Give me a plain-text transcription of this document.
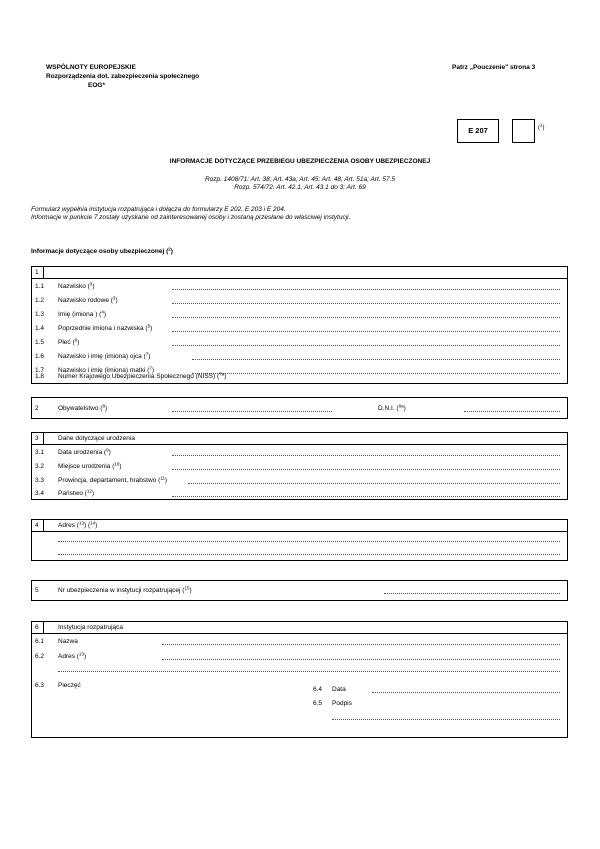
WSPÓLNOTY EUROPEJSKIE
Rozporządzenia dot. zabezpieczenia społecznego
EOG*
Patrz „Pouczenie" strona 3
E 207	($^1$)
INFORMACJE DOTYCZĄCE PRZEBIEGU UBEZPIECZENIA OSOBY UBEZPIECZONEJ
Rozp. 1408/71: Art. 38; Art. 43a; Art. 45; Art. 48; Art. 51a; Art. 57.5
Rozp. 574/72: Art. 42.1; Art. 43.1 do 3; Art. 69
Formularz wypełnia instytucja rozpatrująca i dołącza do formularzy E 202, E 203 i E 204.
Informacje w punkcie 7 zostały uzyskane od zainteresowanej osoby i zostaną przesłane do właściwej instytucji.
Informacje dotyczące osoby ubezpieczonej ($^2$)
1
1.1 Nazwisko ($^3$)
1.2 Nazwisko rodowe ($^3$)
1.3 Imię (imiona ) ($^4$)
1.4 Poprzednie imiona i nazwiska ($^5$)
1.5 Płeć ($^6$)
1.6 Nazwisko i imię (imiona) ojca ($^7$)
1.7 Nazwisko i imię (imiona) matki ($^7$)
1.8 Numer Krajowego Ubezpieczenia Społecznego (NISS) ($^{7a}$)
2	Obywatelstwo ($^8$)	D.N.I. ($^{8a}$)
3	Dane dotyczące urodzenia
3.1 Data urodzenia ($^9$)
3.2 Miejsce urodzenia ($^{10}$)
3.3 Prowincja, departament, hrabstwo ($^{11}$)
3.4 Państwo ($^{12}$)
4	Adres ($^{13}$) ($^{14}$)
5	Nr ubezpieczenia w instytucji rozpatrującej ($^{15}$)
6	Instytucja rozpatrująca
6.1 Nazwa
6.2 Adres ($^{13}$)
6.3 Pieczęć
6.4 Data
6.5 Podpis
